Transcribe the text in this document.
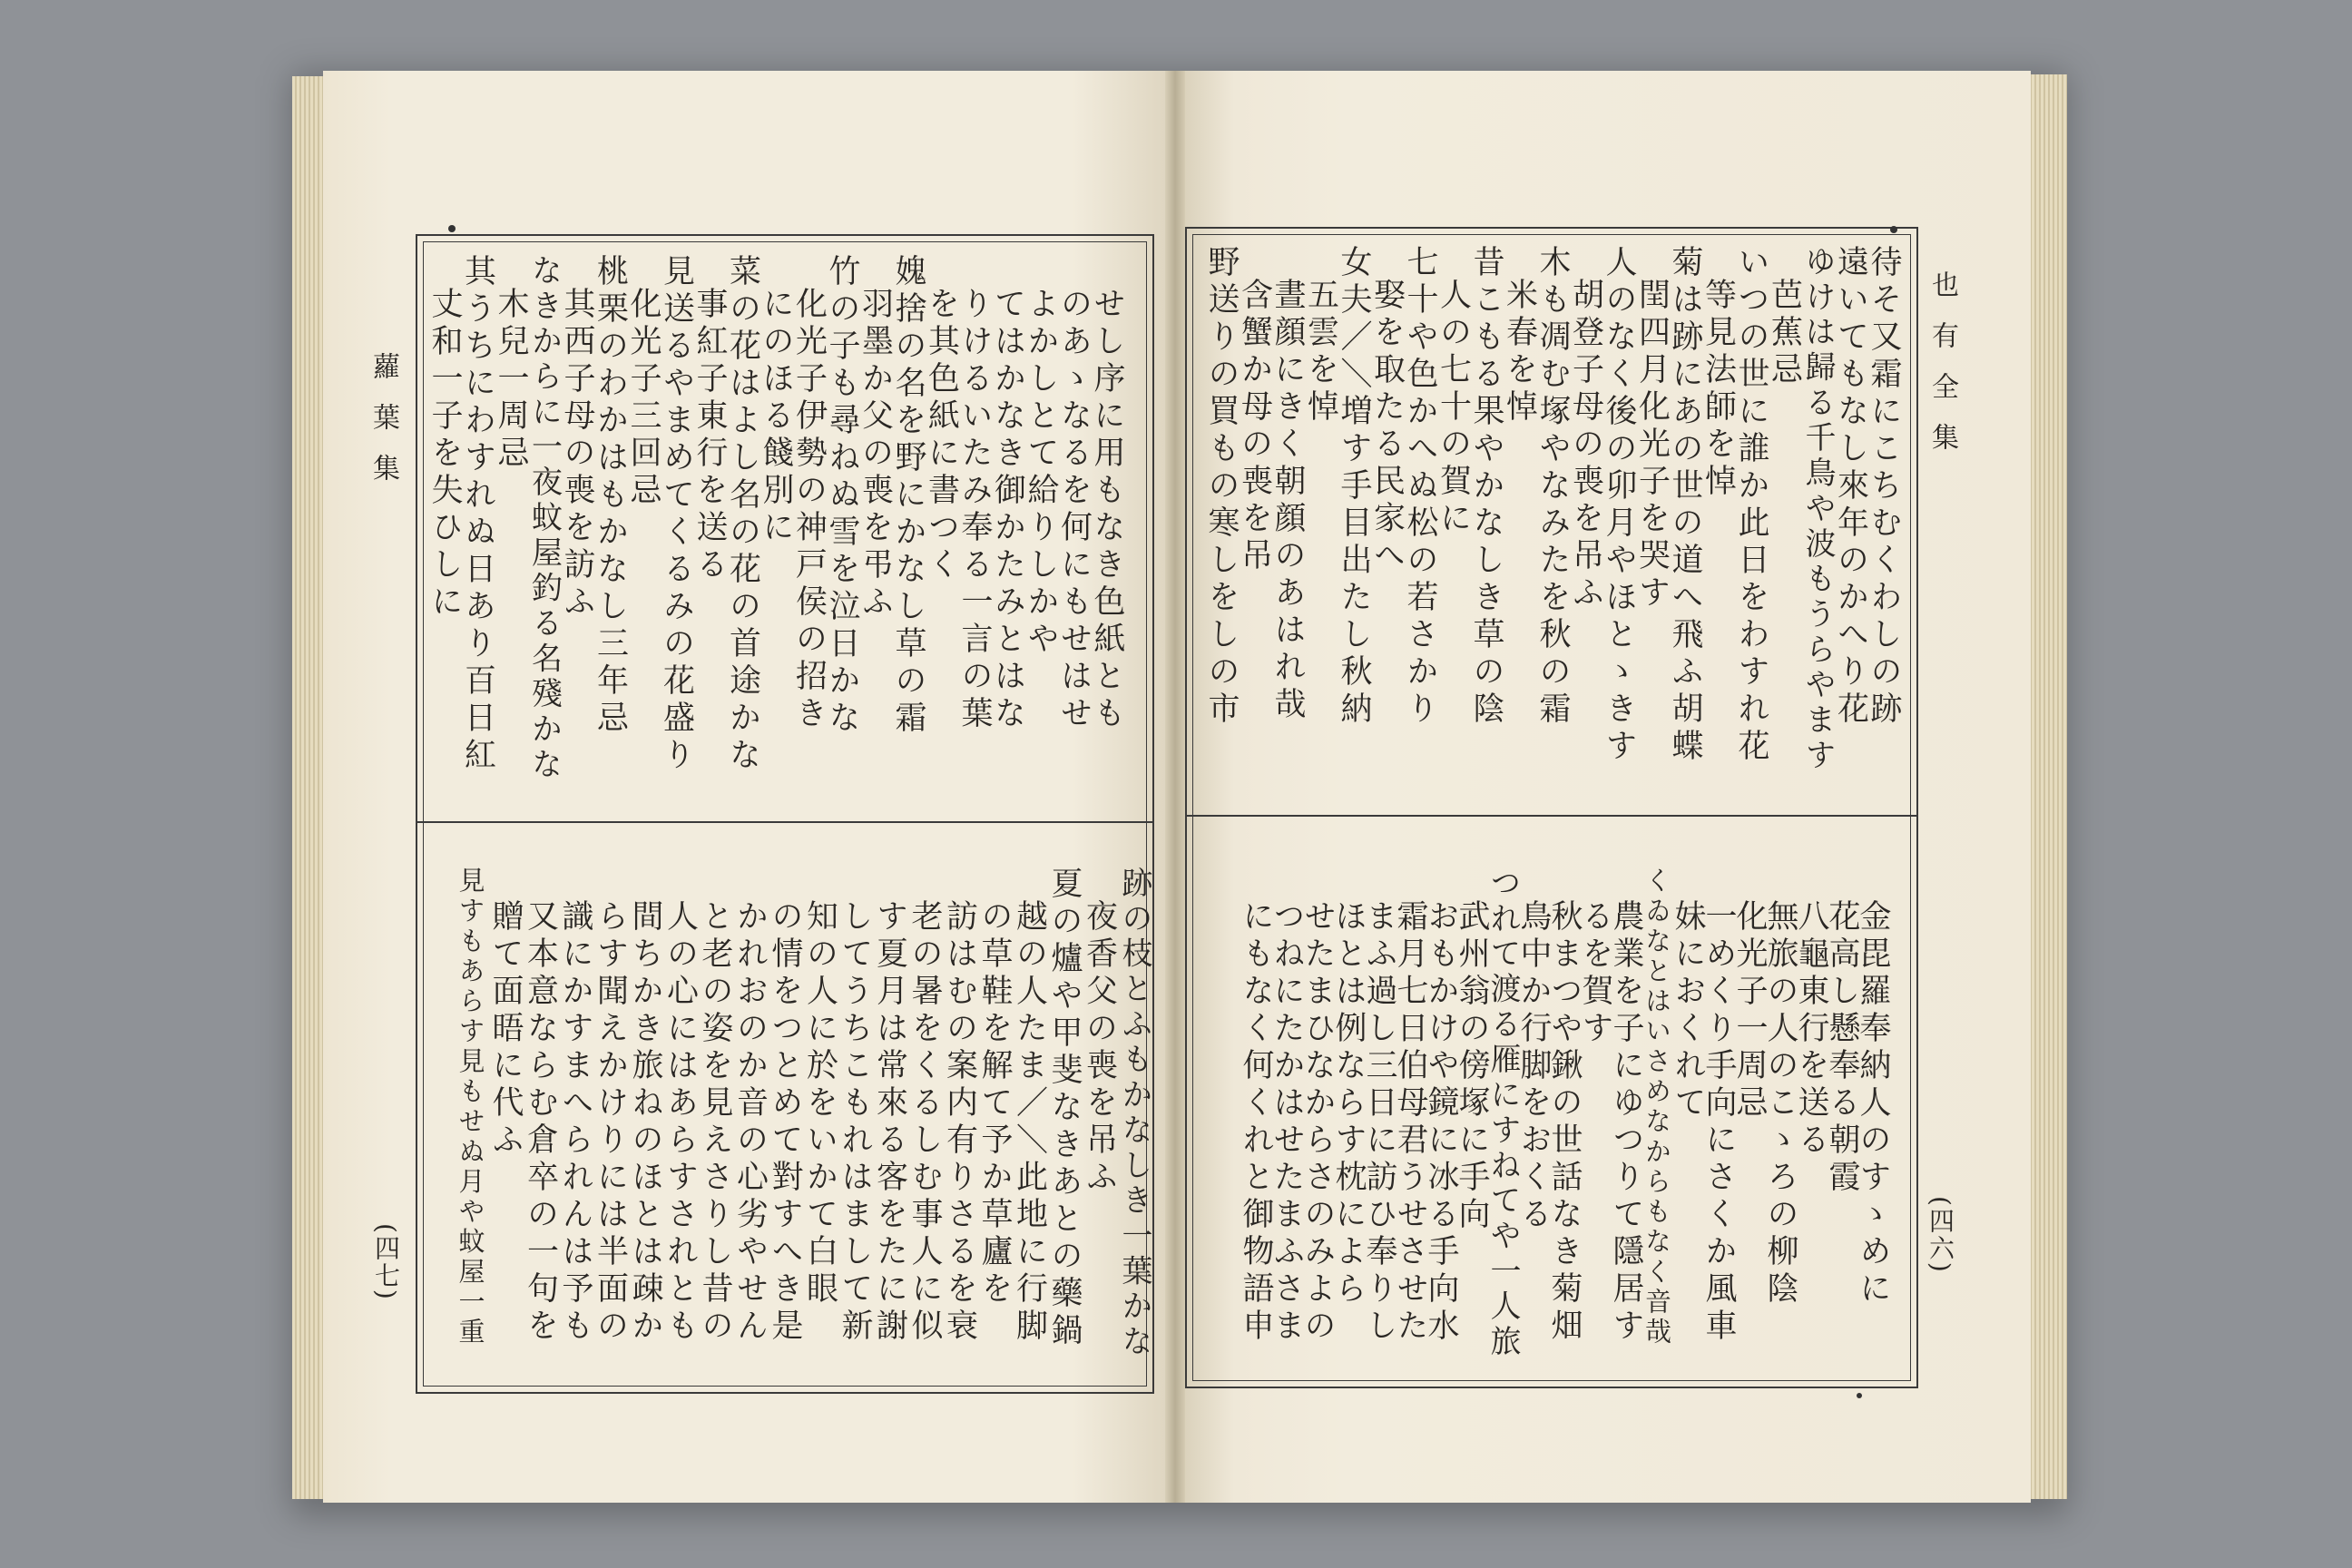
蘿葉集
(四七)
也有全集
(四六)
せし序に用もなき色紙とも
のあゝなるを何にもせはせ
よかしとて給りしかや
てはかなき御かたみとはな
りけるいたみ奉る一言の葉
を其色紙に書つく
媿捨の名を野にかなし草の霜
羽墨か父の喪を弔ふ
竹の子も尋ねぬ雪を泣日かな
化光子伊勢の神戸侯の招き
にのほる餞別に
菜の花はよし名の花の首途かな
事紅子東行を送る
見送るやまめてくるみの花盛り
化光子三回忌
桃栗のわかはもかなし三年忌
其西子母の喪を訪ふ
なきからに一夜蚊屋釣る名殘かな
木兒一周忌
其うちにわすれぬ日あり百日紅
丈和一子を失ひしに
跡の枝とふもかなしき一葉かな
夜香父の喪を吊ふ
夏の爐や甲斐なきあとの藥鍋
越の人たま／＼此地に行脚
の草鞋を解て予か草廬を
訪はむの案内有りさるを衰
老の暑をくるしむ事人に似
す夏月は常來る客をたに謝
してうちこもれはまして新
知の人に於をいかて白眼
の情をつとめて對すへき是
かれおのか音の心劣やせん
と老の姿を見えさりし昔の
人の心にはあらすされとも
間ちかき旅ねのほとは疎か
らす聞えかけりには半面の
識にかすまへられんは予も
又本意ならむ倉卒の一句を
贈て面晤に代ふ
見すもあらす見もせぬ月や蚊屋一重
待そ又霜にこちむくわしの跡
遠いてもなし來年のかへり花
ゆけは歸る千鳥や波もうらやます
芭蕉忌
いつの世に誰か此日をわすれ花
等見法師を悼
菊は跡にあの世の道へ飛ふ胡蝶
閏四月化光子を哭す
人のなく後の卯月やほとゝきす
胡登子母の喪を吊ふ
木も凋む塚やなみたを秋の霜
米春を悼
昔こもる果やかなしき草の陰
人の七十の賀に
七十や色かへぬ松の若さかり
娶を取たる民家へ
女夫／＼増す手目出たし秋納
五雲を悼
晝顔にきく朝顔のあはれ哉
含蟹か母の喪を吊
野送りの買もの寒しをしの市
金毘羅奉納人のすゝめに
花高し懸奉る朝霞
八龜東行を送る
無旅の人のこゝろの柳陰
化光子一周忌
一めくり手向にさくか風車
妹におくれて
くゐなとはいさめなからもなく音哉
農業を子にゆつりて隱居す
るを賀す
秋まつや鍬の世話なき菊畑
鳥中か行脚をおくる
つれて渡る雁にすねてや一人旅
武州翁の傍塚に手向
おもかけや鏡に冰る手向水
霜月七日伯母君うせさせた
まふ過し三日に訪ひ奉りし
ほとは例ならす枕によら
せたまひなからさのみよの
つねにたかはせたまふさま
にもなく何くれと御物語申
